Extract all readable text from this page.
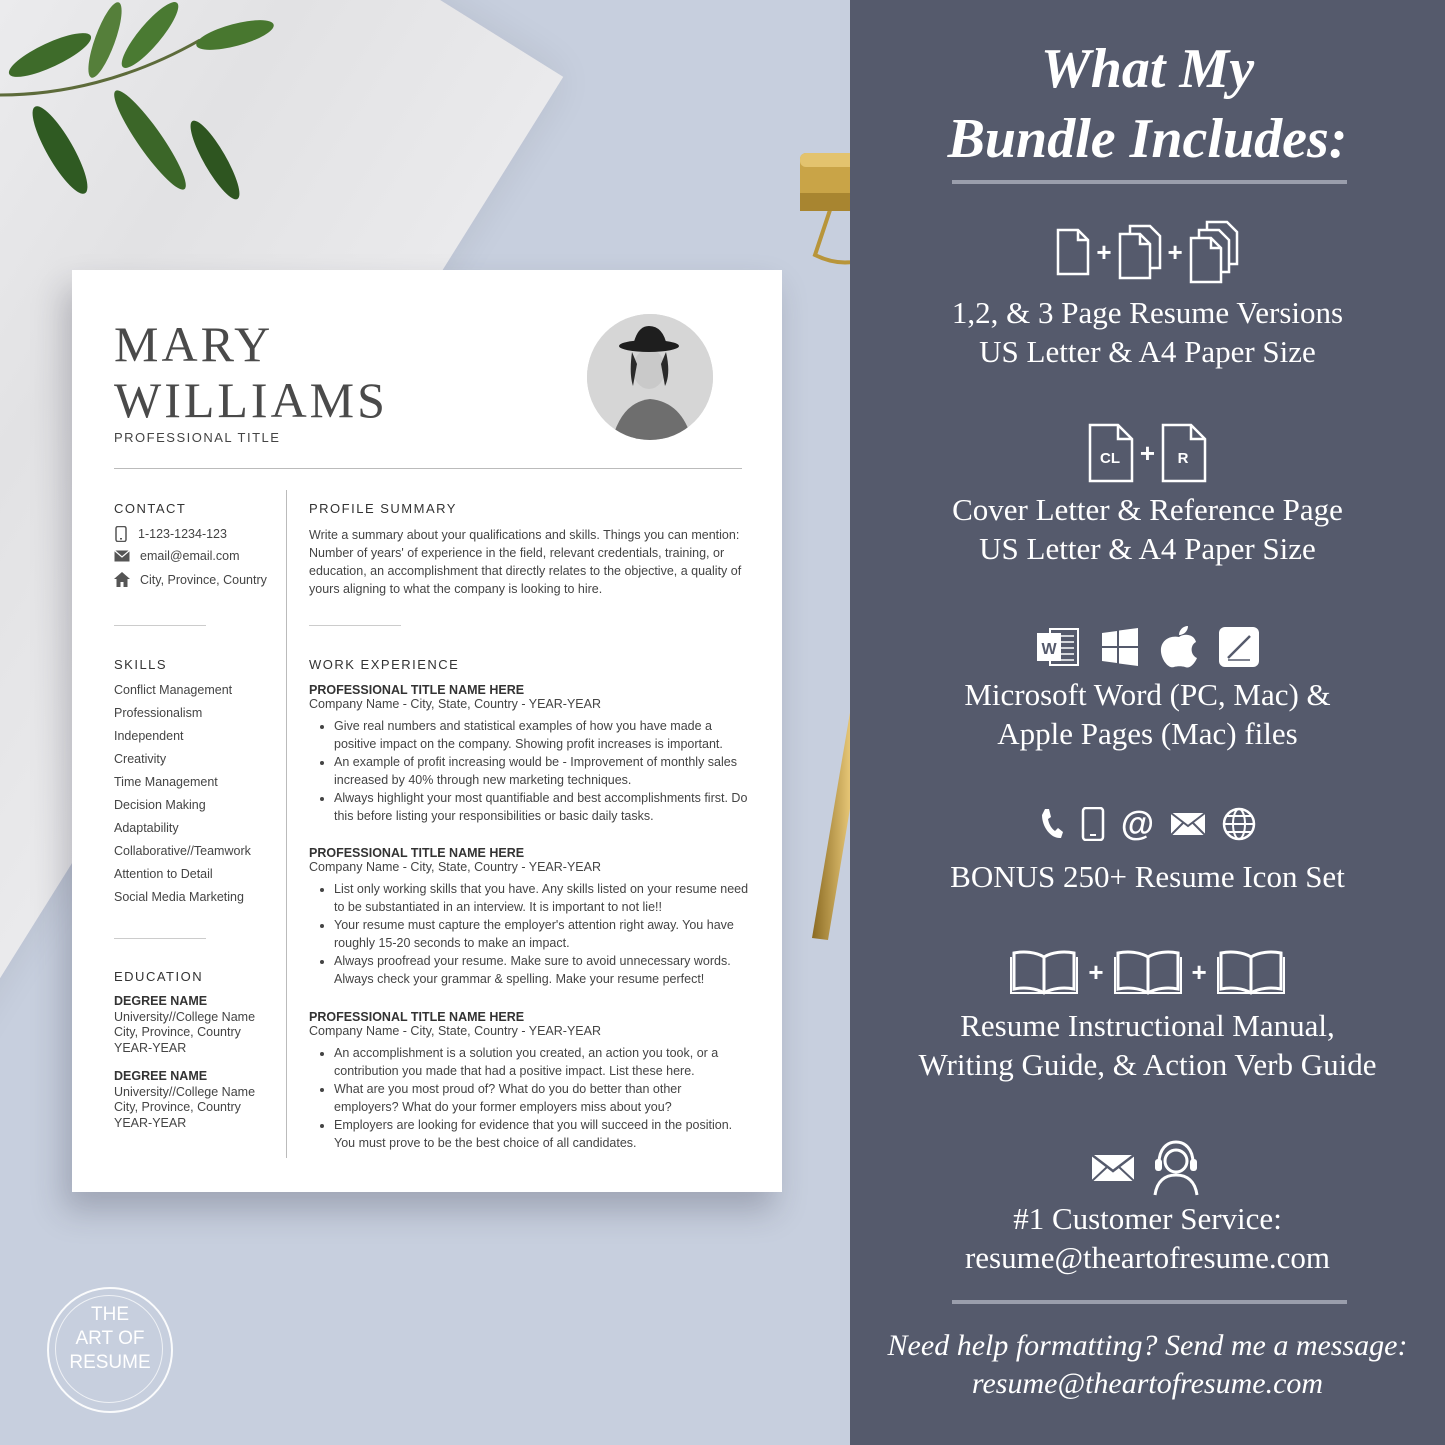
MARY
WILLIAMS
PROFESSIONAL TITLE
CONTACT
1-123-1234-123
email@email.com
City, Province, Country
SKILLS
Conflict Management
Professionalism
Independent
Creativity
Time Management
Decision Making
Adaptability
Collaborative//Teamwork
Attention to Detail
Social Media Marketing
EDUCATION
DEGREE NAME
University//College Name
City, Province, Country
YEAR-YEAR
DEGREE NAME
University//College Name
City, Province, Country
YEAR-YEAR
PROFILE SUMMARY
Write a summary about your qualifications and skills. Things you can mention: Number of years' of experience in the field, relevant credentials, training, or education, an accomplishment that directly relates to the objective, a quality of yours aligning to what the company is looking to hire.
WORK EXPERIENCE
PROFESSIONAL TITLE NAME HERE
Company Name - City, State, Country - YEAR-YEAR
• Give real numbers and statistical examples of how you have made a positive impact on the company. Showing profit increases is important.
• An example of profit increasing would be - Improvement of monthly sales increased by 40% through new marketing techniques.
• Always highlight your most quantifiable and best accomplishments first. Do this before listing your responsibilities or basic daily tasks.
PROFESSIONAL TITLE NAME HERE
Company Name - City, State, Country - YEAR-YEAR
• List only working skills that you have. Any skills listed on your resume need to be substantiated in an interview. It is important to not lie!!
• Your resume must capture the employer's attention right away. You have roughly 15-20 seconds to make an impact.
• Always proofread your resume. Make sure to avoid unnecessary words. Always check your grammar & spelling. Make your resume perfect!
PROFESSIONAL TITLE NAME HERE
Company Name - City, State, Country - YEAR-YEAR
• An accomplishment is a solution you created, an action you took, or a contribution you made that had a positive impact. List these here.
• What are you most proud of? What do you do better than other employers? What do your former employers miss about you?
• Employers are looking for evidence that you will succeed in the position. You must prove to be the best choice of all candidates.
THE
ART OF
RESUME
What My
Bundle Includes:
+ +
1,2, & 3 Page Resume Versions
US Letter & A4 Paper Size
CL + R
Cover Letter & Reference Page
US Letter & A4 Paper Size
W
Microsoft Word (PC, Mac) &
Apple Pages (Mac) files
@
BONUS 250+ Resume Icon Set
+	+
Resume Instructional Manual,
Writing Guide, & Action Verb Guide
#1 Customer Service:
resume@theartofresume.com
Need help formatting? Send me a message:
resume@theartofresume.com
